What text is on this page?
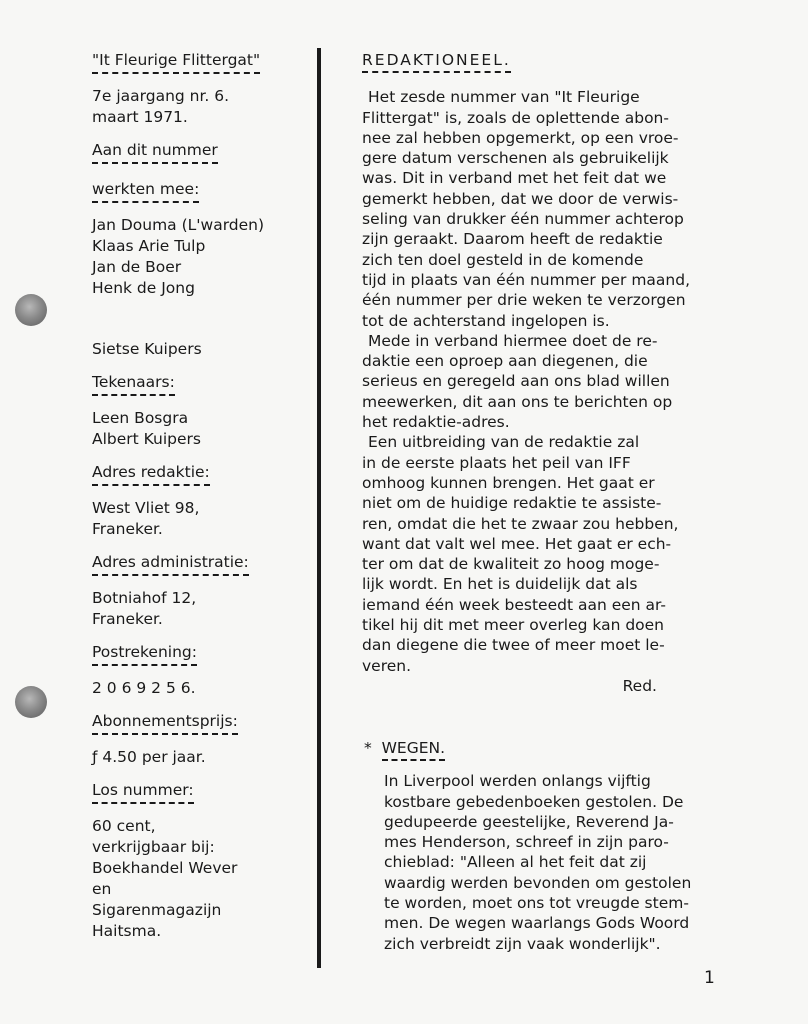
"It Fleurige Flittergat"
7e jaargang nr. 6.
maart 1971.
Aan dit nummer
werkten mee:
Jan Douma (L'warden)
Klaas Arie Tulp
Jan de Boer
Henk de Jong
Sietse Kuipers
Tekenaars:
Leen Bosgra
Albert Kuipers
Adres redaktie:
West Vliet 98,
Franeker.
Adres administratie:
Botniahof 12,
Franeker.
Postrekening:
2 0 6 9 2 5 6.
Abonnementsprijs:
ƒ 4.50 per jaar.
Los nummer:
60 cent,
verkrijgbaar bij:
Boekhandel Wever
en
Sigarenmagazijn
Haitsma.
REDAKTIONEEL.
Het zesde nummer van "It Fleurige
Flittergat" is, zoals de oplettende abon-
nee zal hebben opgemerkt, op een vroe-
gere datum verschenen als gebruikelijk
was. Dit in verband met het feit dat we
gemerkt hebben, dat we door de verwis-
seling van drukker één nummer achterop
zijn geraakt. Daarom heeft de redaktie
zich ten doel gesteld in de komende
tijd in plaats van één nummer per maand,
één nummer per drie weken te verzorgen
tot de achterstand ingelopen is.
Mede in verband hiermee doet de re-
daktie een oproep aan diegenen, die
serieus en geregeld aan ons blad willen
meewerken, dit aan ons te berichten op
het redaktie-adres.
Een uitbreiding van de redaktie zal
in de eerste plaats het peil van IFF
omhoog kunnen brengen. Het gaat er
niet om de huidige redaktie te assiste-
ren, omdat die het te zwaar zou hebben,
want dat valt wel mee. Het gaat er ech-
ter om dat de kwaliteit zo hoog moge-
lijk wordt. En het is duidelijk dat als
iemand één week besteedt aan een ar-
tikel hij dit met meer overleg kan doen
dan diegene die twee of meer moet le-
veren.
Red.
* WEGEN.
In Liverpool werden onlangs vijftig
kostbare gebedenboeken gestolen. De
gedupeerde geestelijke, Reverend Ja-
mes Henderson, schreef in zijn paro-
chieblad: "Alleen al het feit dat zij
waardig werden bevonden om gestolen
te worden, moet ons tot vreugde stem-
men. De wegen waarlangs Gods Woord
zich verbreidt zijn vaak wonderlijk".
1
